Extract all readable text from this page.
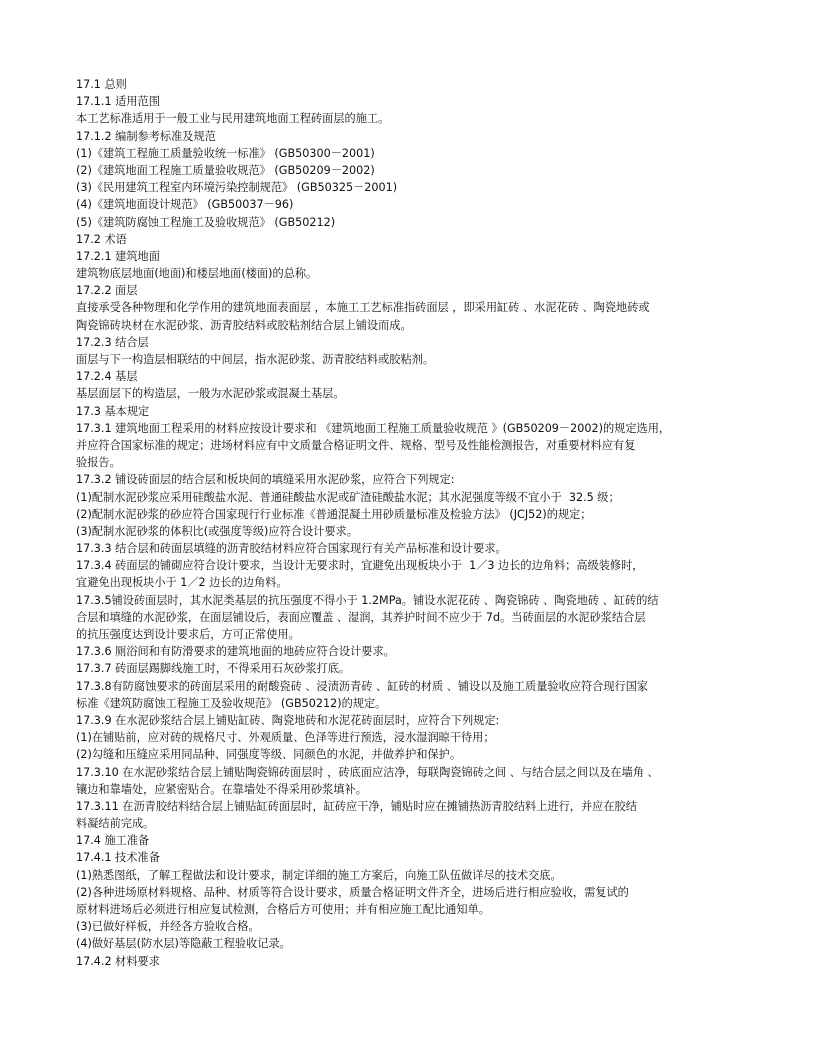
17.1 总则
17.1.1 适用范围
本工艺标准适用于一般工业与民用建筑地面工程砖面层的施工。
17.1.2 编制参考标准及规范
(1)《建筑工程施工质量验收统一标准》 (GB50300－2001)
(2)《建筑地面工程施工质量验收规范》 (GB50209－2002)
(3)《民用建筑工程室内环境污染控制规范》 (GB50325－2001)
(4)《建筑地面设计规范》 (GB50037－96)
(5)《建筑防腐蚀工程施工及验收规范》 (GB50212)
17.2 术语
17.2.1 建筑地面
建筑物底层地面(地面)和楼层地面(楼面)的总称。
17.2.2 面层
直接承受各种物理和化学作用的建筑地面表面层 ，本施工工艺标准指砖面层 ，即采用缸砖 、水泥花砖 、陶瓷地砖或
陶瓷锦砖块材在水泥砂浆、沥青胶结料或胶粘剂结合层上铺设而成。
17.2.3 结合层
面层与下一构造层相联结的中间层，指水泥砂浆、沥青胶结料或胶粘剂。
17.2.4 基层
基层面层下的构造层，一般为水泥砂浆或混凝土基层。
17.3 基本规定
17.3.1 建筑地面工程采用的材料应按设计要求和 《建筑地面工程施工质量验收规范 》(GB50209－2002)的规定选用，
并应符合国家标准的规定；进场材料应有中文质量合格证明文件、规格、型号及性能检测报告，对重要材料应有复
验报告。
17.3.2 铺设砖面层的结合层和板块间的填缝采用水泥砂浆，应符合下列规定:
(1)配制水泥砂浆应采用硅酸盐水泥、普通硅酸盐水泥或矿渣硅酸盐水泥；其水泥强度等级不宜小于  32.5 级；
(2)配制水泥砂浆的砂应符合国家现行行业标准《普通混凝土用砂质量标准及检验方法》 (JCJ52)的规定；
(3)配制水泥砂浆的体积比(或强度等级)应符合设计要求。
17.3.3 结合层和砖面层填缝的沥青胶结材料应符合国家现行有关产品标准和设计要求。
17.3.4 砖面层的铺砌应符合设计要求，当设计无要求时，宜避免出现板块小于  1／3 边长的边角料；高级装修时，
宜避免出现板块小于 1／2 边长的边角料。
17.3.5铺设砖面层时，其水泥类基层的抗压强度不得小于 1.2MPa。铺设水泥花砖 、陶瓷锦砖 、陶瓷地砖 、缸砖的结
合层和填缝的水泥砂浆，在面层铺设后，表面应覆盖 、湿润，其养护时间不应少于 7d。当砖面层的水泥砂浆结合层
的抗压强度达到设计要求后，方可正常使用。
17.3.6 厕浴间和有防滑要求的建筑地面的地砖应符合设计要求。
17.3.7 砖面层踢脚线施工时，不得采用石灰砂浆打底。
17.3.8有防腐蚀要求的砖面层采用的耐酸瓷砖 、浸渍沥青砖 、缸砖的材质 、铺设以及施工质量验收应符合现行国家
标准《建筑防腐蚀工程施工及验收规范》 (GB50212)的规定。
17.3.9 在水泥砂浆结合层上铺贴缸砖、陶瓷地砖和水泥花砖面层时，应符合下列规定:
(1)在铺贴前，应对砖的规格尺寸、外观质量、色泽等进行预选，浸水湿润晾干待用；
(2)勾缝和压缝应采用同品种、同强度等级、同颜色的水泥，并做养护和保护。
17.3.10 在水泥砂浆结合层上铺贴陶瓷锦砖面层时 ，砖底面应洁净，每联陶瓷锦砖之间 、与结合层之间以及在墙角 、
镶边和靠墙处，应紧密贴合。在靠墙处不得采用砂浆填补。
17.3.11 在沥青胶结料结合层上铺贴缸砖面层时，缸砖应干净，铺贴时应在摊铺热沥青胶结料上进行，并应在胶结
料凝结前完成。
17.4 施工准备
17.4.1 技术准备
(1)熟悉图纸，了解工程做法和设计要求，制定详细的施工方案后，向施工队伍做详尽的技术交底。
(2)各种进场原材料规格、品种、材质等符合设计要求，质量合格证明文件齐全，进场后进行相应验收，需复试的
原材料进场后必须进行相应复试检测，合格后方可使用；并有相应施工配比通知单。
(3)已做好样板，并经各方验收合格。
(4)做好基层(防水层)等隐蔽工程验收记录。
17.4.2 材料要求
